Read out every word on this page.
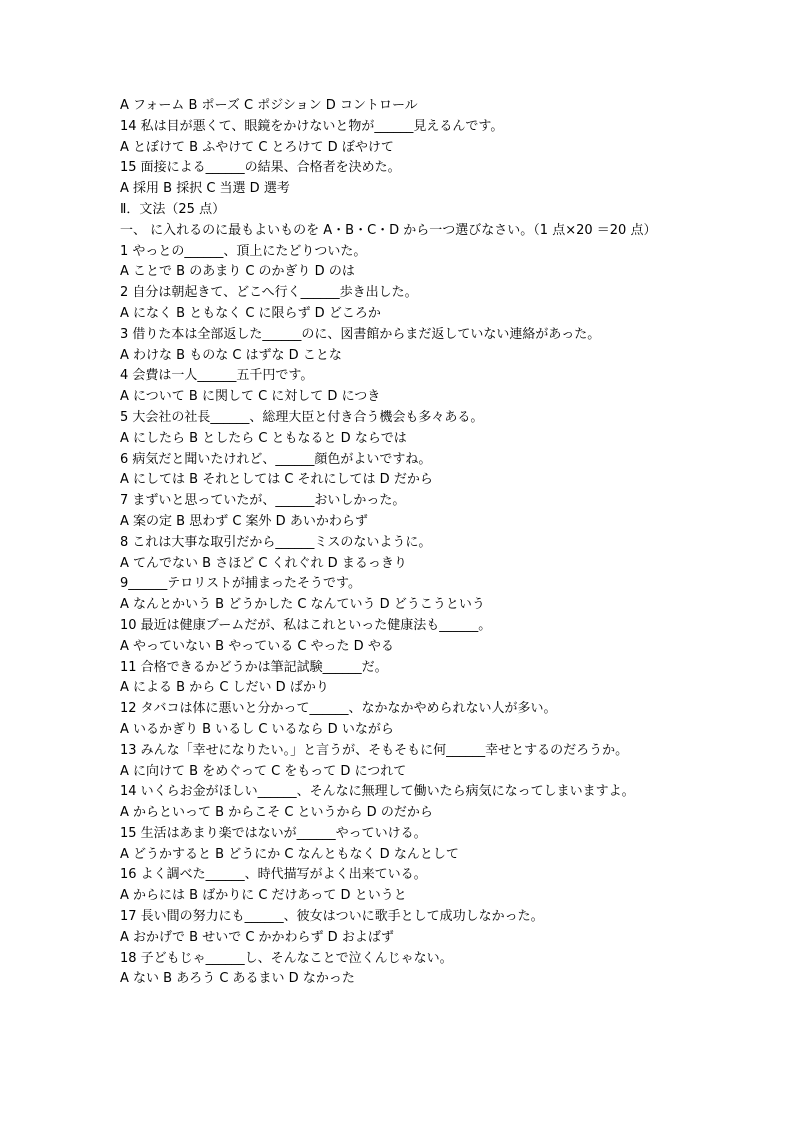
A フォーム B ポーズ C ポジション D コントロール
14 私は目が悪くて、眼鏡をかけないと物が______見えるんです。
A とぼけて B ふやけて C とろけて D ぼやけて
15 面接による______の結果、合格者を決めた。
A 採用 B 採択 C 当選 D 選考
Ⅱ．文法（25 点）
一、 に入れるのに最もよいものを A・B・C・D から一つ選びなさい。（1 点×20 ＝20 点）
1 やっとの______、頂上にたどりついた。
A ことで B のあまり C のかぎり D のは
2 自分は朝起きて、どこへ行く______歩き出した。
A になく B ともなく C に限らず D どころか
3 借りた本は全部返した______のに、図書館からまだ返していない連絡があった。
A わけな B ものな C はずな D ことな
4 会費は一人______五千円です。
A について B に関して C に対して D につき
5 大会社の社長______、総理大臣と付き合う機会も多々ある。
A にしたら B としたら C ともなると D ならでは
6 病気だと聞いたけれど、______顔色がよいですね。
A にしては B それとしては C それにしては D だから
7 まずいと思っていたが、______おいしかった。
A 案の定 B 思わず C 案外 D あいかわらず
8 これは大事な取引だから______ミスのないように。
A てんでない B さほど C くれぐれ D まるっきり
9______テロリストが捕まったそうです。
A なんとかいう B どうかした C なんていう D どうこうという
10 最近は健康ブームだが、私はこれといった健康法も______。
A やっていない B やっている C やった D やる
11 合格できるかどうかは筆記試験______だ。
A による B から C しだい D ばかり
12 タバコは体に悪いと分かって______、なかなかやめられない人が多い。
A いるかぎり B いるし C いるなら D いながら
13 みんな「幸せになりたい。」と言うが、そもそもに何______幸せとするのだろうか。
A に向けて B をめぐって C をもって D につれて
14 いくらお金がほしい______、そんなに無理して働いたら病気になってしまいますよ。
A からといって B からこそ C というから D のだから
15 生活はあまり楽ではないが______やっていける。
A どうかすると B どうにか C なんともなく D なんとして
16 よく調べた______、時代描写がよく出来ている。
A からには B ばかりに C だけあって D というと
17 長い間の努力にも______、彼女はついに歌手として成功しなかった。
A おかげで B せいで C かかわらず D およばず
18 子どもじゃ______し、そんなことで泣くんじゃない。
A ない B あろう C あるまい D なかった
